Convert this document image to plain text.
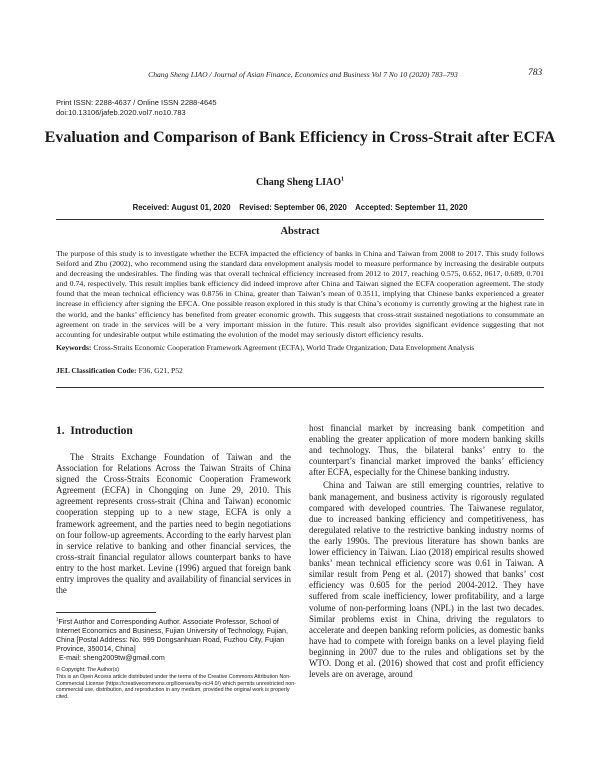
Chang Sheng LIAO / Journal of Asian Finance, Economics and Business Vol 7 No 10 (2020) 783–793	783
Print ISSN: 2288-4637 / Online ISSN 2288-4645
doi:10.13106/jafeb.2020.vol7.no10.783
Evaluation and Comparison of Bank Efficiency in Cross-Strait after ECFA
Chang Sheng LIAO$^1$
Received: August 01, 2020    Revised: September 06, 2020    Accepted: September 11, 2020
Abstract
The purpose of this study is to investigate whether the ECFA impacted the efficiency of banks in China and Taiwan from 2008 to 2017. This study follows Seiford and Zhu (2002), who recommend using the standard data envelopment analysis model to measure performance by increasing the desirable outputs and decreasing the undesirables. The finding was that overall technical efficiency increased from 2012 to 2017, reaching 0.575, 0.652, 0617, 0.689, 0.701 and 0.74, respectively. This result implies bank efficiency did indeed improve after China and Taiwan signed the ECFA cooperation agreement. The study found that the mean technical efficiency was 0.8756 in China, greater than Taiwan’s mean of 0.3511, implying that Chinese banks experienced a greater increase in efficiency after signing the EFCA. One possible reason explored in this study is that China’s economy is currently growing at the highest rate in the world, and the banks’ efficiency has benefited from greater economic growth. This suggests that cross-strait sustained negotiations to consummate an agreement on trade in the services will be a very important mission in the future. This result also provides significant evidence suggesting that not accounting for undesirable output while estimating the evolution of the model may seriously distort efficiency results.
Keywords: Cross-Straits Economic Cooperation Framework Agreement (ECFA), World Trade Organization, Data Envelopment Analysis
JEL Classification Code: F36, G21, P52
1.  Introduction

The Straits Exchange Foundation of Taiwan and the Association for Relations Across the Taiwan Straits of China signed the Cross-Straits Economic Cooperation Framework Agreement (ECFA) in Chongqing on June 29, 2010. This agreement represents cross-strait (China and Taiwan) economic cooperation stepping up to a new stage, ECFA is only a framework agreement, and the parties need to begin negotiations on four follow-up agreements. According to the early harvest plan in service relative to banking and other financial services, the cross-strait financial regulator allows counterpart banks to have entry to the host market. Levine (1996) argued that foreign bank entry improves the quality and availability of financial services in the

host financial market by increasing bank competition and enabling the greater application of more modern banking skills and technology. Thus, the bilateral banks’ entry to the counterpart’s financial market improved the banks’ efficiency after ECFA, especially for the Chinese banking industry.

China and Taiwan are still emerging countries, relative to bank management, and business activity is rigorously regulated compared with developed countries. The Taiwanese regulator, due to increased banking efficiency and competitiveness, has deregulated relative to the restrictive banking industry norms of the early 1990s. The previous literature has shown banks are lower efficiency in Taiwan. Liao (2018) empirical results showed banks’ mean technical efficiency score was 0.61 in Taiwan. A similar result from Peng et al. (2017) showed that banks’ cost efficiency was 0.605 for the period 2004-2012. They have suffered from scale inefficiency, lower profitability, and a large volume of non-performing loans (NPL) in the last two decades. Similar problems exist in China, driving the regulators to accelerate and deepen banking reform policies, as domestic banks have had to compete with foreign banks on a level playing field beginning in 2007 due to the rules and obligations set by the WTO. Dong et al. (2016) showed that cost and profit efficiency levels are on average, around

$^1$First Author and Corresponding Author. Associate Professor, School of Internet Economics and Business, Fujian University of Technology, Fujian, China [Postal Address: No. 999 Dongsanhuan Road, Fuzhou City, Fujian Province, 350014, China]
E-mail: sheng2009tw@gmail.com
© Copyright: The Author(s)
This is an Open Access article distributed under the terms of the Creative Commons Attribution Non-Commercial License (https://creativecommons.org/licenses/by-nc/4.0/) which permits unrestricted non-commercial use, distribution, and reproduction in any medium, provided the original work is properly cited.
